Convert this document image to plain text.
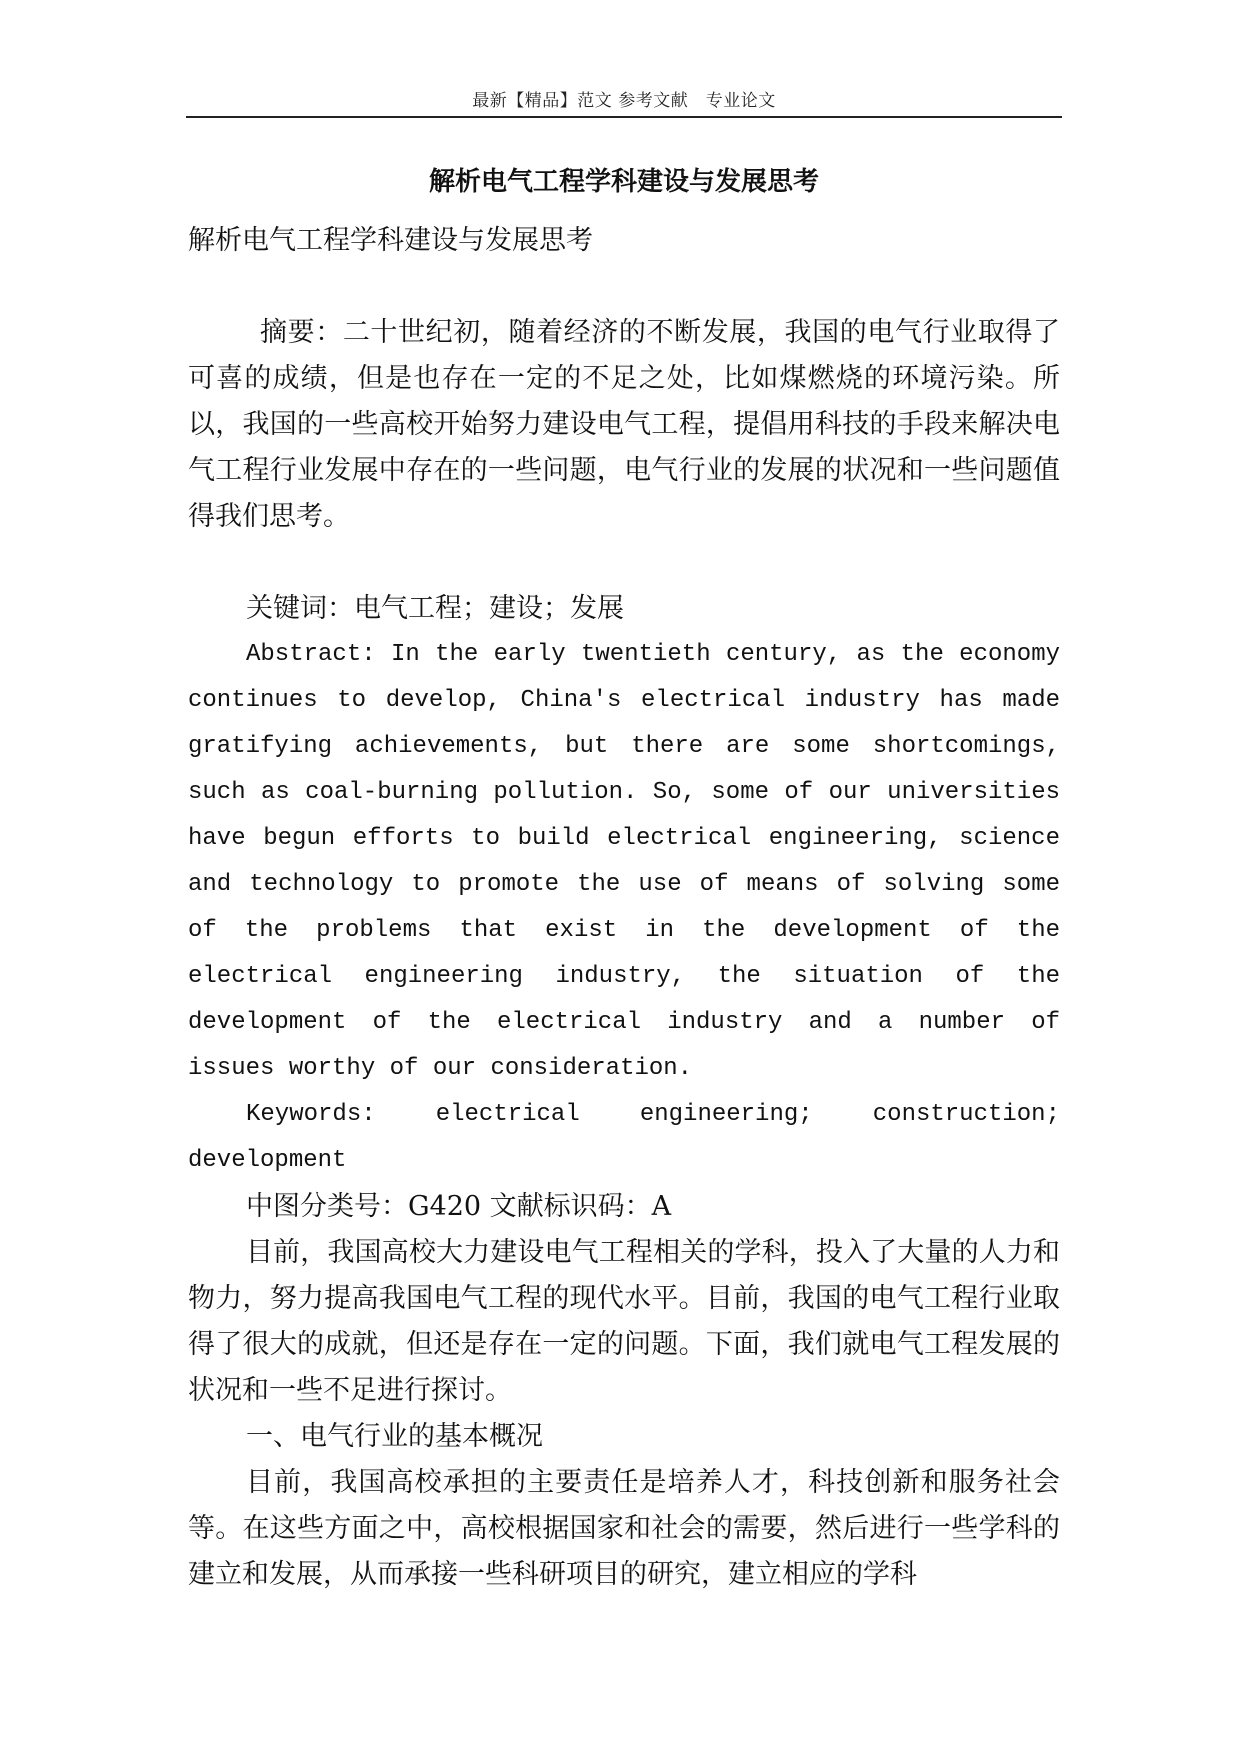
最新【精品】范文 参考文献　专业论文
解析电气工程学科建设与发展思考

解析电气工程学科建设与发展思考

摘要：二十世纪初，随着经济的不断发展，我国的电气行业取得了可喜的成绩，但是也存在一定的不足之处，比如煤燃烧的环境污染。所以，我国的一些高校开始努力建设电气工程，提倡用科技的手段来解决电气工程行业发展中存在的一些问题，电气行业的发展的状况和一些问题值得我们思考。

关键词：电气工程；建设；发展

Abstract: In the early twentieth century, as the economy continues to develop, China's electrical industry has made gratifying achievements, but there are some shortcomings, such as coal-burning pollution. So, some of our universities have begun efforts to build electrical engineering, science and technology to promote the use of means of solving some of the problems that exist in the development of the electrical engineering industry, the situation of the development of the electrical industry and a number of issues worthy of our consideration.

Keywords: electrical engineering; construction; development

中图分类号：G420 文献标识码：A

目前，我国高校大力建设电气工程相关的学科，投入了大量的人力和物力，努力提高我国电气工程的现代水平。目前，我国的电气工程行业取得了很大的成就，但还是存在一定的问题。下面，我们就电气工程发展的状况和一些不足进行探讨。

一、电气行业的基本概况

目前，我国高校承担的主要责任是培养人才，科技创新和服务社会等。在这些方面之中，高校根据国家和社会的需要，然后进行一些学科的建立和发展，从而承接一些科研项目的研究，建立相应的学科
